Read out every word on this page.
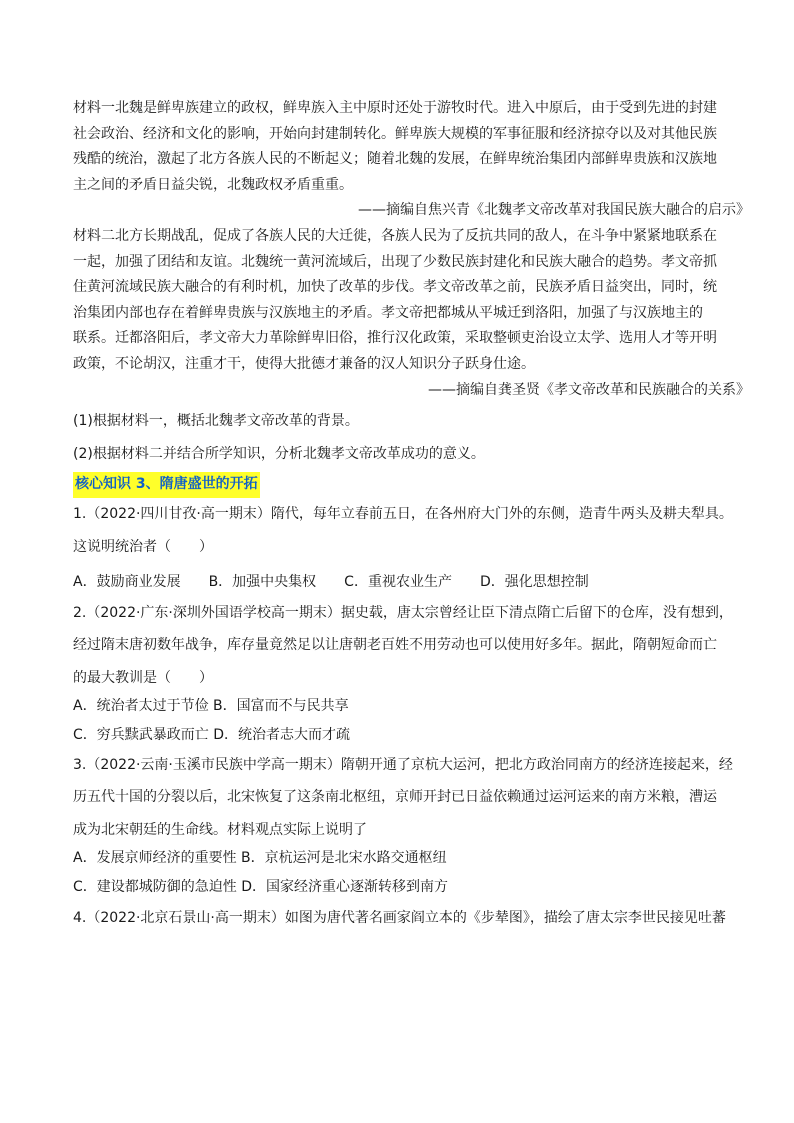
材料一北魏是鲜卑族建立的政权，鲜卑族入主中原时还处于游牧时代。进入中原后，由于受到先进的封建

社会政治、经济和文化的影响，开始向封建制转化。鲜卑族大规模的军事征服和经济掠夺以及对其他民族

残酷的统治，激起了北方各族人民的不断起义；随着北魏的发展，在鲜卑统治集团内部鲜卑贵族和汉族地

主之间的矛盾日益尖锐，北魏政权矛盾重重。

——摘编自焦兴青《北魏孝文帝改革对我国民族大融合的启示》

材料二北方长期战乱，促成了各族人民的大迁徙，各族人民为了反抗共同的敌人，在斗争中紧紧地联系在

一起，加强了团结和友谊。北魏统一黄河流域后，出现了少数民族封建化和民族大融合的趋势。孝文帝抓

住黄河流域民族大融合的有利时机，加快了改革的步伐。孝文帝改革之前，民族矛盾日益突出，同时，统

治集团内部也存在着鲜卑贵族与汉族地主的矛盾。孝文帝把都城从平城迁到洛阳，加强了与汉族地主的

联系。迁都洛阳后，孝文帝大力革除鲜卑旧俗，推行汉化政策，采取整顿吏治设立太学、选用人才等开明

政策，不论胡汉，注重才干，使得大批德才兼备的汉人知识分子跃身仕途。

——摘编自龚圣贤《孝文帝改革和民族融合的关系》

(1)根据材料一，概括北魏孝文帝改革的背景。

(2)根据材料二并结合所学知识，分析北魏孝文帝改革成功的意义。

核心知识 3、隋唐盛世的开拓

1.（2022·四川甘孜·高一期末）隋代，每年立春前五日，在各州府大门外的东侧，造青牛两头及耕夫犁具。

这说明统治者（　　）

A．鼓励商业发展　　B．加强中央集权　　C．重视农业生产　　D．强化思想控制

2.（2022·广东·深圳外国语学校高一期末）据史载，唐太宗曾经让臣下清点隋亡后留下的仓库，没有想到，

经过隋末唐初数年战争，库存量竟然足以让唐朝老百姓不用劳动也可以使用好多年。据此，隋朝短命而亡

的最大教训是（　　）

A．统治者太过于节俭 B．国富而不与民共享

C．穷兵黩武暴政而亡 D．统治者志大而才疏

3.（2022·云南·玉溪市民族中学高一期末）隋朝开通了京杭大运河，把北方政治同南方的经济连接起来，经

历五代十国的分裂以后，北宋恢复了这条南北枢纽，京师开封已日益依赖通过运河运来的南方米粮，漕运

成为北宋朝廷的生命线。材料观点实际上说明了

A．发展京师经济的重要性 B．京杭运河是北宋水路交通枢纽

C．建设都城防御的急迫性 D．国家经济重心逐渐转移到南方

4.（2022·北京石景山·高一期末）如图为唐代著名画家阎立本的《步辇图》，描绘了唐太宗李世民接见吐蕃
